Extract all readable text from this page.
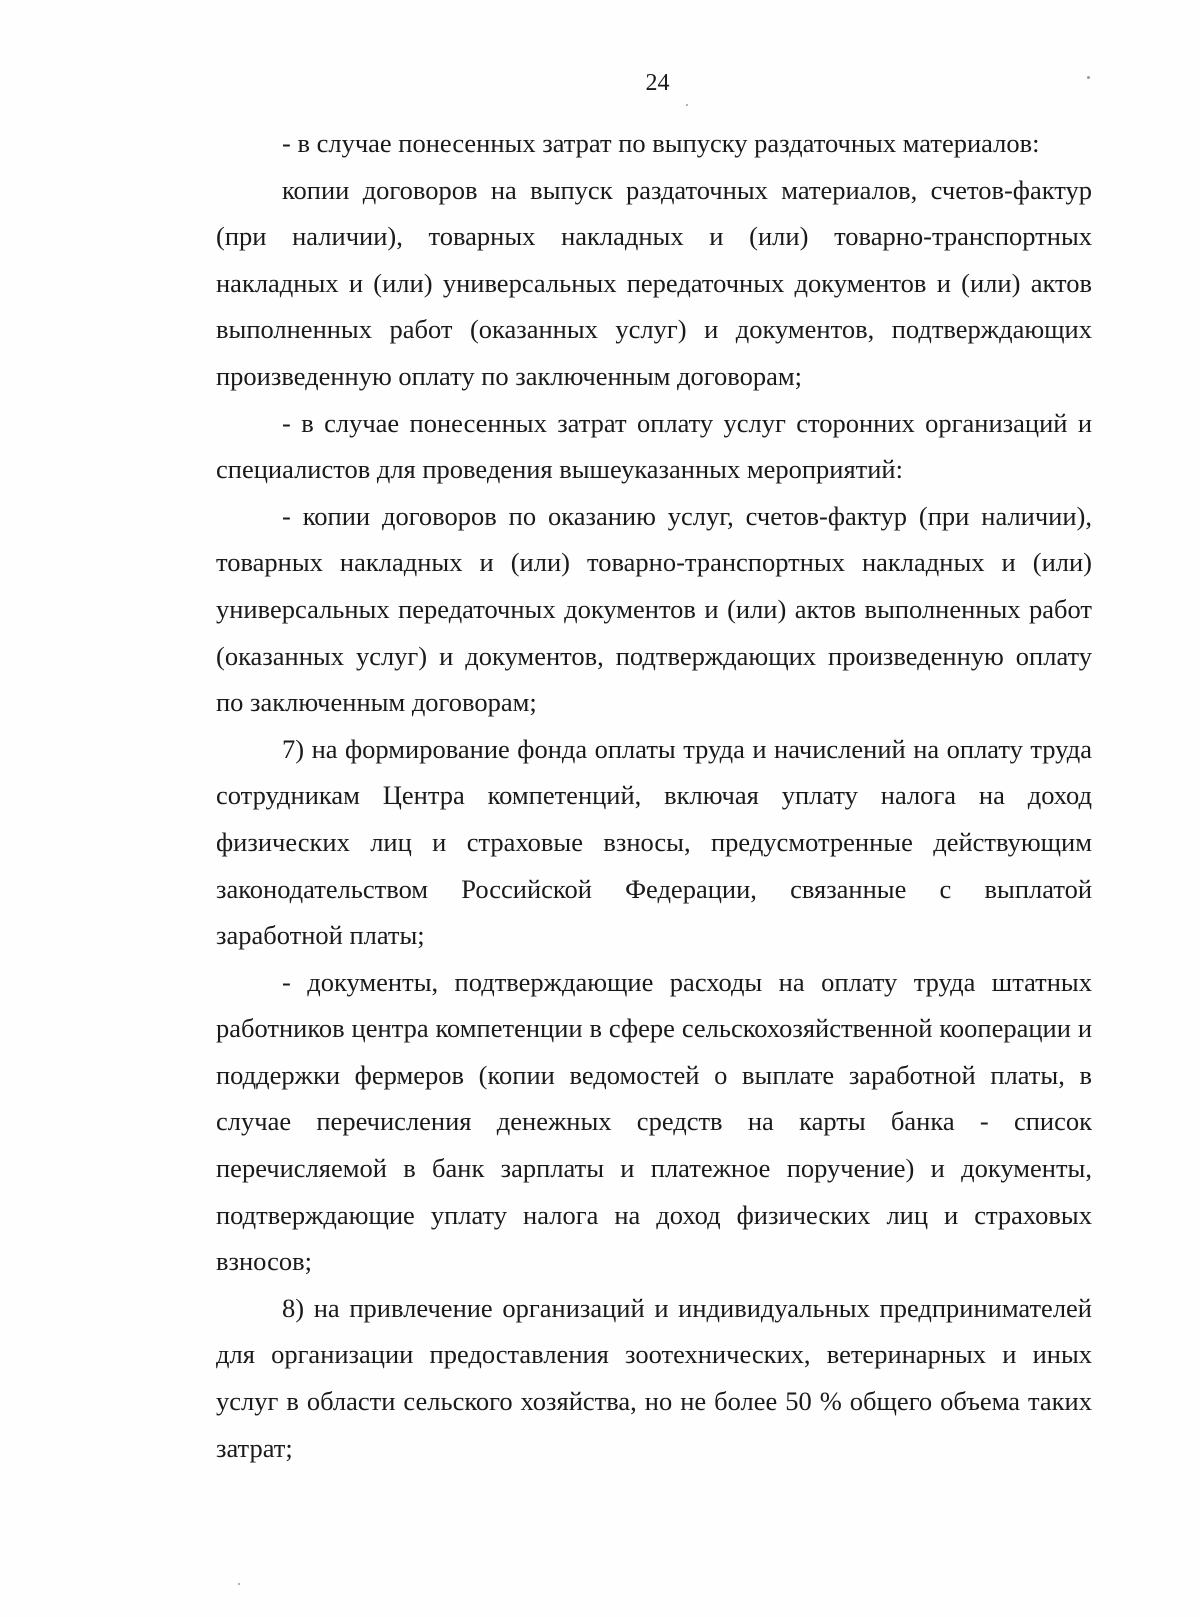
24

- в случае понесенных затрат по выпуску раздаточных материалов:

копии договоров на выпуск раздаточных материалов, счетов-фактур (при наличии), товарных накладных и (или) товарно-транспортных накладных и (или) универсальных передаточных документов и (или) актов выполненных работ (оказанных услуг) и документов, подтверждающих произведенную оплату по заключенным договорам;

- в случае понесенных затрат оплату услуг сторонних организаций и специалистов для проведения вышеуказанных мероприятий:

- копии договоров по оказанию услуг, счетов-фактур (при наличии), товарных накладных и (или) товарно-транспортных накладных и (или) универсальных передаточных документов и (или) актов выполненных работ (оказанных услуг) и документов, подтверждающих произведенную оплату по заключенным договорам;

7) на формирование фонда оплаты труда и начислений на оплату труда сотрудникам Центра компетенций, включая уплату налога на доход физических лиц и страховые взносы, предусмотренные действующим законодательством Российской Федерации, связанные с выплатой заработной платы;

- документы, подтверждающие расходы на оплату труда штатных работников центра компетенции в сфере сельскохозяйственной кооперации и поддержки фермеров (копии ведомостей о выплате заработной платы, в случае перечисления денежных средств на карты банка - список перечисляемой в банк зарплаты и платежное поручение) и документы, подтверждающие уплату налога на доход физических лиц и страховых взносов;

8) на привлечение организаций и индивидуальных предпринимателей для организации предоставления зоотехнических, ветеринарных и иных услуг в области сельского хозяйства, но не более 50 % общего объема таких затрат;
